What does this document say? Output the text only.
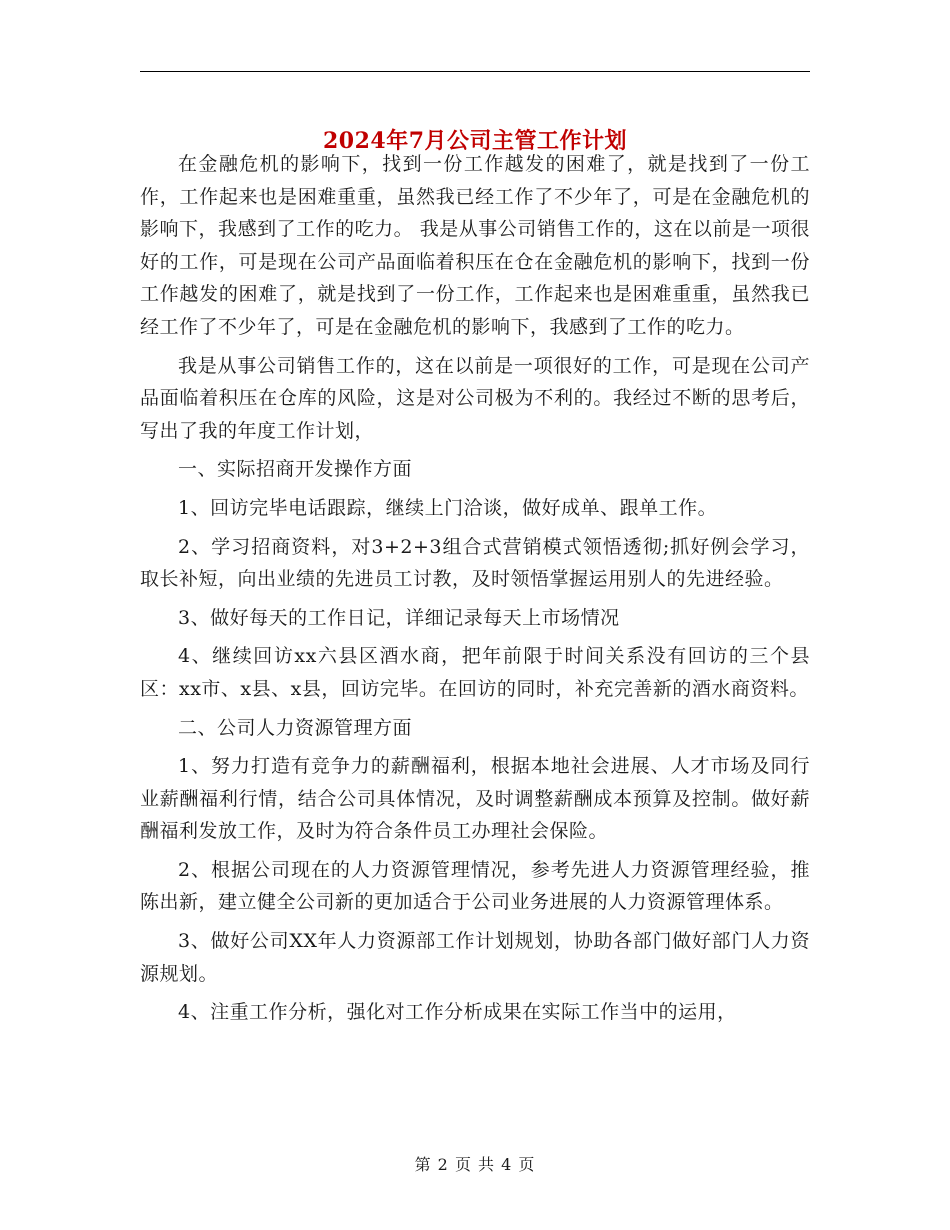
2024年7月公司主管工作计划

在金融危机的影响下，找到一份工作越发的困难了，就是找到了一份工作，工作起来也是困难重重，虽然我已经工作了不少年了，可是在金融危机的影响下，我感到了工作的吃力。 我是从事公司销售工作的，这在以前是一项很好的工作，可是现在公司产品面临着积压在仓在金融危机的影响下，找到一份工作越发的困难了，就是找到了一份工作，工作起来也是困难重重，虽然我已经工作了不少年了，可是在金融危机的影响下，我感到了工作的吃力。

我是从事公司销售工作的，这在以前是一项很好的工作，可是现在公司产品面临着积压在仓库的风险，这是对公司极为不利的。我经过不断的思考后，写出了我的年度工作计划，

一、实际招商开发操作方面

1、回访完毕电话跟踪，继续上门洽谈，做好成单、跟单工作。

2、学习招商资料，对3+2+3组合式营销模式领悟透彻;抓好例会学习，取长补短，向出业绩的先进员工讨教，及时领悟掌握运用别人的先进经验。

3、做好每天的工作日记，详细记录每天上市场情况

4、继续回访xx六县区酒水商，把年前限于时间关系没有回访的三个县区：xx市、x县、x县，回访完毕。在回访的同时，补充完善新的酒水商资料。

二、公司人力资源管理方面

1、努力打造有竞争力的薪酬福利，根据本地社会进展、人才市场及同行业薪酬福利行情，结合公司具体情况，及时调整薪酬成本预算及控制。做好薪酬福利发放工作，及时为符合条件员工办理社会保险。

2、根据公司现在的人力资源管理情况，参考先进人力资源管理经验，推陈出新，建立健全公司新的更加适合于公司业务进展的人力资源管理体系。

3、做好公司XX年人力资源部工作计划规划，协助各部门做好部门人力资源规划。

4、注重工作分析，强化对工作分析成果在实际工作当中的运用，

第 2 页 共 4 页
